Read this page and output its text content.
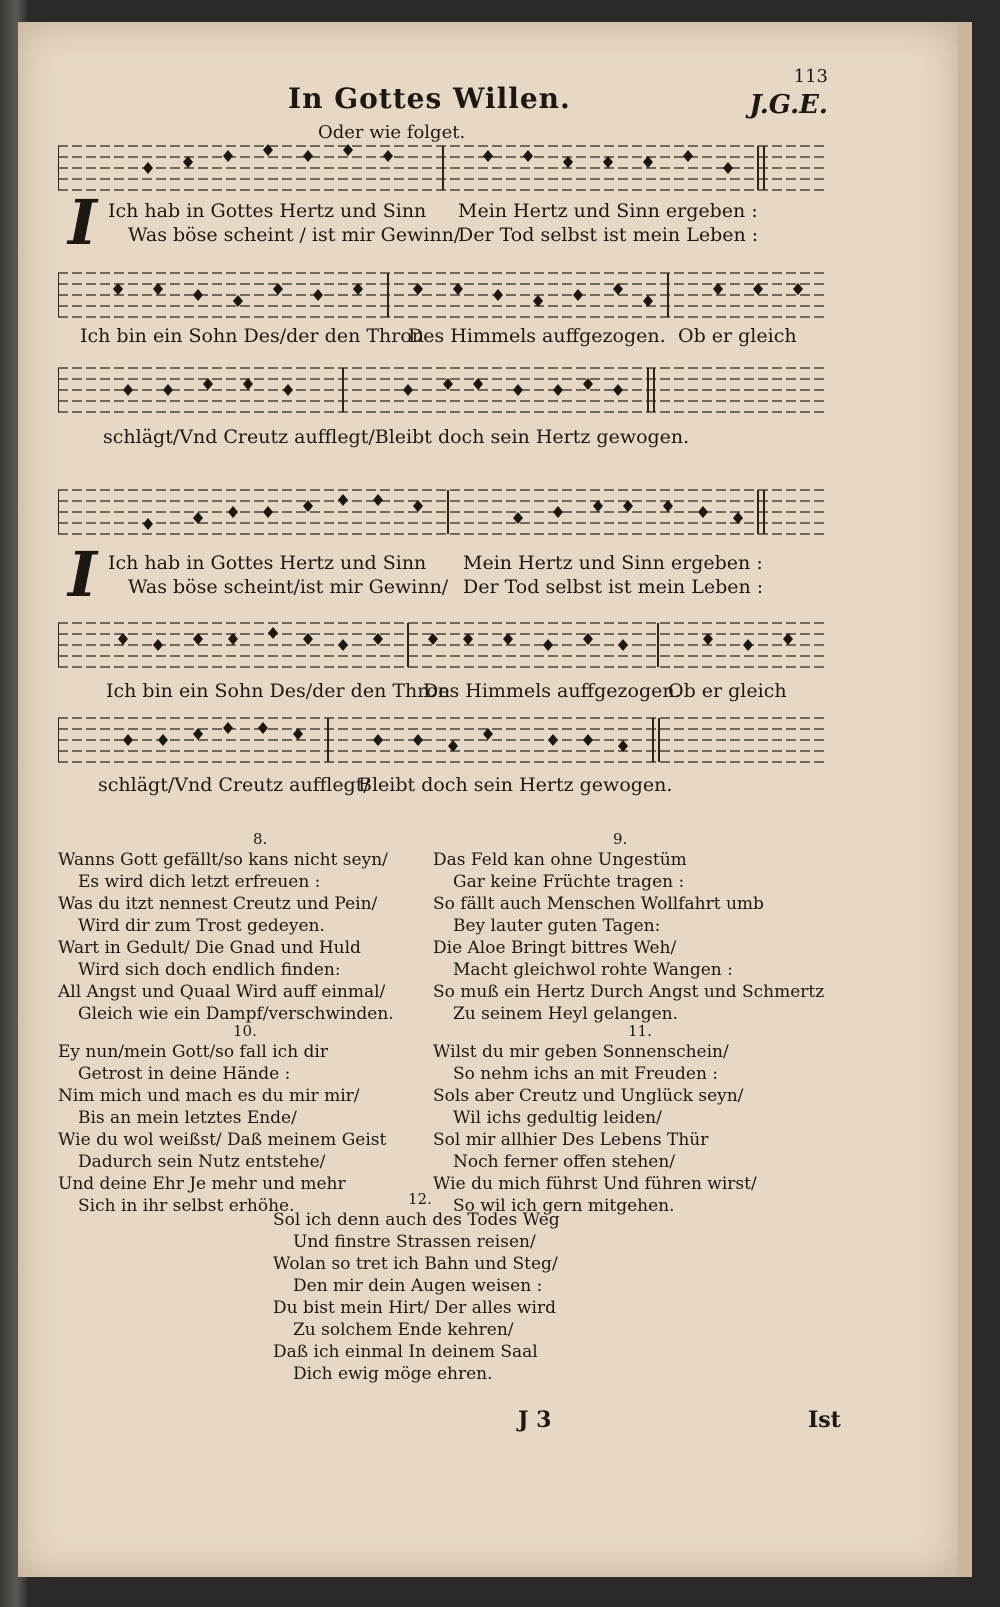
113
In Gottes Willen.	J.G.E.
Oder wie folget.
I Ich hab in Gottes Hertz und Sinn Mein Hertz und Sinn ergeben :
Was böse scheint / ist mir Gewinn/
Der Tod selbst ist mein Leben :
Ich bin ein Sohn Des/der den Thron
Des Himmels auffgezogen. Ob er gleich
schlägt/Vnd Creutz aufflegt/Bleibt doch sein Hertz gewogen.
I Ich hab in Gottes Hertz und Sinn Mein Hertz und Sinn ergeben :
Was böse scheint/ist mir Gewinn/ Der Tod selbst ist mein Leben :
Ich bin ein Sohn Des/der den Thron
Des Himmels auffgezogen.
Ob er gleich
schlägt/Vnd Creutz aufflegt/
Bleibt doch sein Hertz gewogen.
8.
Wanns Gott gefällt/so kans nicht seyn/
Es wird dich letzt erfreuen :
Was du itzt nennest Creutz und Pein/
Wird dir zum Trost gedeyen.
Wart in Gedult/ Die Gnad und Huld
Wird sich doch endlich finden:
All Angst und Quaal Wird auff einmal/
Gleich wie ein Dampf/verschwinden.
9.
Das Feld kan ohne Ungestüm
Gar keine Früchte tragen :
So fällt auch Menschen Wollfahrt umb
Bey lauter guten Tagen:
Die Aloe Bringt bittres Weh/
Macht gleichwol rohte Wangen :
So muß ein Hertz Durch Angst und Schmertz
Zu seinem Heyl gelangen.
10.
Ey nun/mein Gott/so fall ich dir
Getrost in deine Hände :
Nim mich und mach es du mir mir/
Bis an mein letztes Ende/
Wie du wol weißst/ Daß meinem Geist
Dadurch sein Nutz entstehe/
Und deine Ehr Je mehr und mehr
Sich in ihr selbst erhöhe.
11.
Wilst du mir geben Sonnenschein/
So nehm ichs an mit Freuden :
Sols aber Creutz und Unglück seyn/
Wil ichs gedultig leiden/
Sol mir allhier Des Lebens Thür
Noch ferner offen stehen/
Wie du mich führst Und führen wirst/
So wil ich gern mitgehen.
12.
Sol ich denn auch des Todes Weg
Und finstre Strassen reisen/
Wolan so tret ich Bahn und Steg/
Den mir dein Augen weisen :
Du bist mein Hirt/ Der alles wird
Zu solchem Ende kehren/
Daß ich einmal In deinem Saal
Dich ewig möge ehren.
J 3	Ist
